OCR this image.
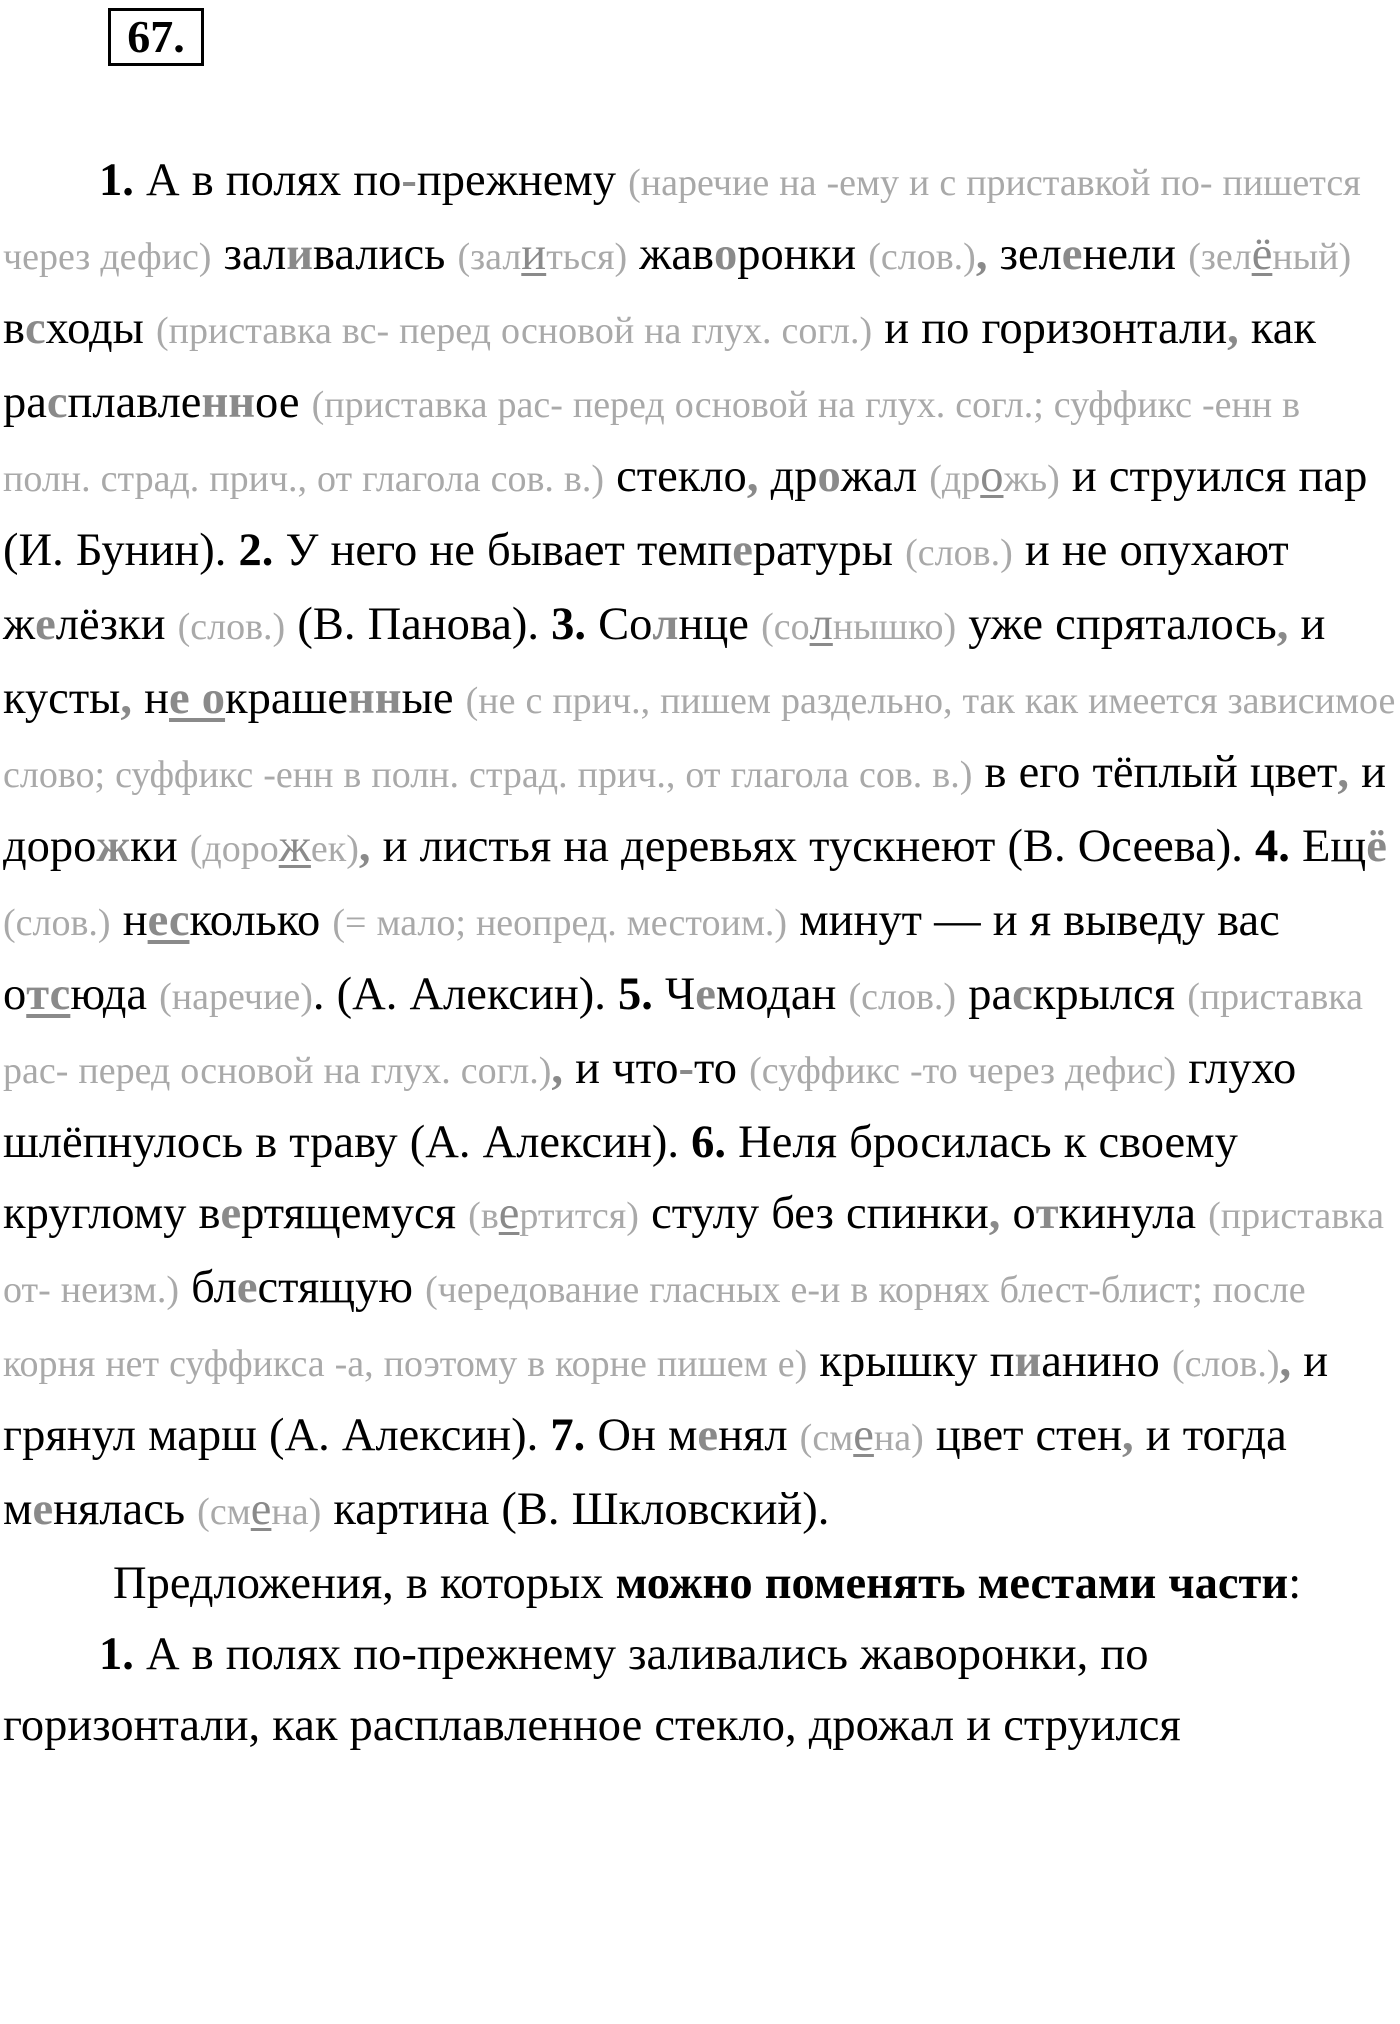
67.

1. А в полях по-прежнему (наречие на -ему и с приставкой по- пишется через дефис) заливались (залиться) жаворонки (слов.), зеленели (зелёный) всходы (приставка вс- перед основой на глух. согл.) и по горизонтали, как расплавленное (приставка рас- перед основой на глух. согл.; суффикс -енн в полн. страд. прич., от глагола сов. в.) стекло, дрожал (дрожь) и струился пар (И. Бунин). 2. У него не бывает температуры (слов.) и не опухают желёзки (слов.) (В. Панова). 3. Солнце (солнышко) уже спряталось, и кусты, не окрашенные (не с прич., пишем раздельно, так как имеется зависимое слово; суффикс -енн в полн. страд. прич., от глагола сов. в.) в его тёплый цвет, и дорожки (дорожек), и листья на деревьях тускнеют (В. Осеева). 4. Ещё (слов.) несколько (= мало; неопред. местоим.) минут — и я выведу вас отсюда (наречие). (А. Алексин). 5. Чемодан (слов.) раскрылся (приставка рас- перед основой на глух. согл.), и что-то (суффикс -то через дефис) глухо шлёпнулось в траву (А. Алексин). 6. Неля бросилась к своему круглому вертящемуся (вертится) стулу без спинки, откинула (приставка от- неизм.) блестящую (чередование гласных е-и в корнях блест-блист; после корня нет суффикса -а, поэтому в корне пишем е) крышку пианино (слов.), и грянул марш (А. Алексин). 7. Он менял (смена) цвет стен, и тогда менялась (смена) картина (В. Шкловский).

Предложения, в которых можно поменять местами части:

1. А в полях по-прежнему заливались жаворонки, по горизонтали, как расплавленное стекло, дрожал и струился
